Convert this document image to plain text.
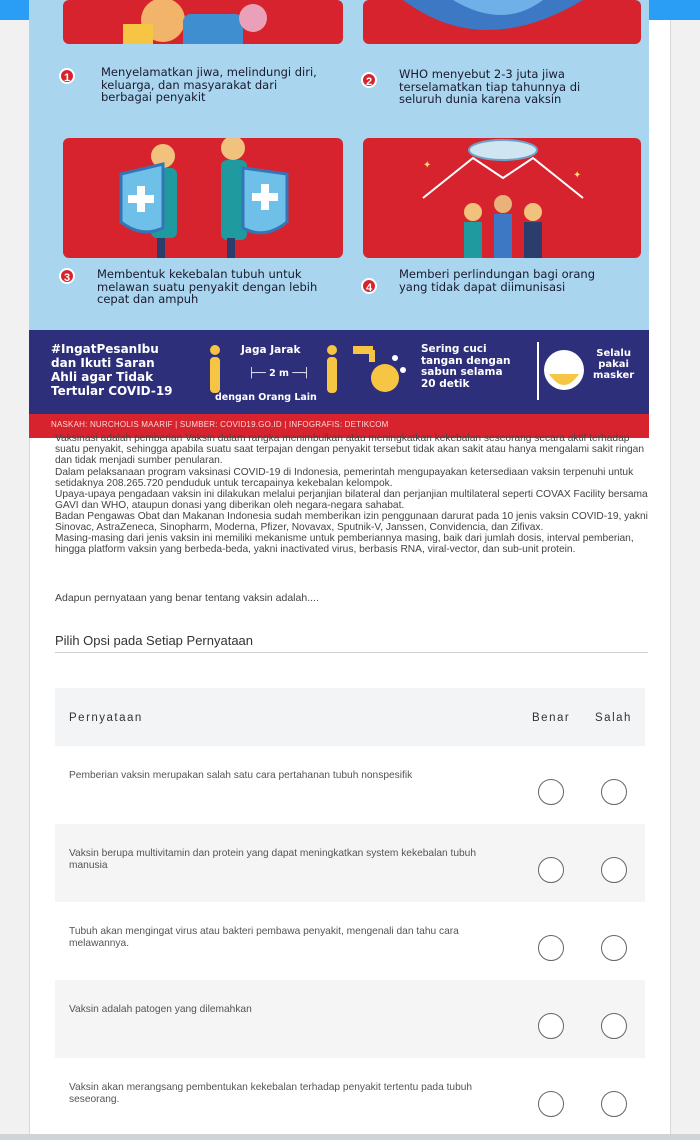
1	Menyelamatkan jiwa, melindungi diri, keluarga, dan masyarakat dari berbagai penyakit
2
WHO menyebut 2-3 juta jiwa terselamatkan tiap tahunnya di seluruh dunia karena vaksin
✦
✦
3	Membentuk kekebalan tubuh untuk melawan suatu penyakit dengan lebih cepat dan ampuh
4
Memberi perlindungan bagi orang yang tidak dapat diimunisasi
#IngatPesanIbu
dan Ikuti Saran
Ahli agar Tidak
Tertular COVID-19
Jaga Jarak
├── 2 m ──┤
dengan Orang Lain
Sering cuci
tangan dengan
sabun selama
20 detik
Selalu
pakai
masker
NASKAH: NURCHOLIS MAARIF | SUMBER: COVID19.GO.ID | INFOGRAFIS: DETIKCOM
Vaksinasi adalah pemberian Vaksin dalam rangka menimbulkan atau meningkatkan kekebalan seseorang secara aktif terhadap suatu penyakit, sehingga apabila suatu saat terpajan dengan penyakit tersebut tidak akan sakit atau hanya mengalami sakit ringan dan tidak menjadi sumber penularan.
Dalam pelaksanaan program vaksinasi COVID-19 di Indonesia, pemerintah mengupayakan ketersediaan vaksin terpenuhi untuk setidaknya 208.265.720 penduduk untuk tercapainya kekebalan kelompok.
Upaya-upaya pengadaan vaksin ini dilakukan melalui perjanjian bilateral dan perjanjian multilateral seperti COVAX Facility bersama GAVI dan WHO, ataupun donasi yang diberikan oleh negara-negara sahabat.
Badan Pengawas Obat dan Makanan Indonesia sudah memberikan izin penggunaan darurat pada 10 jenis vaksin COVID-19, yakni Sinovac, AstraZeneca, Sinopharm, Moderna, Pfizer, Novavax, Sputnik-V, Janssen, Convidencia, dan Zifivax.
Masing-masing dari jenis vaksin ini memiliki mekanisme untuk pemberiannya masing, baik dari jumlah dosis, interval pemberian, hingga platform vaksin yang berbeda-beda, yakni inactivated virus, berbasis RNA, viral-vector, dan sub-unit protein.
Adapun pernyataan yang benar tentang vaksin adalah....
Pilih Opsi pada Setiap Pernyataan
Pernyataan	Benar Salah
Pemberian vaksin merupakan salah satu cara pertahanan tubuh nonspesifik
Vaksin berupa multivitamin dan protein yang dapat meningkatkan system kekebalan tubuh manusia
Tubuh akan mengingat virus atau bakteri pembawa penyakit, mengenali dan tahu cara melawannya.
Vaksin adalah patogen yang dilemahkan
Vaksin akan merangsang pembentukan kekebalan terhadap penyakit tertentu pada tubuh seseorang.
